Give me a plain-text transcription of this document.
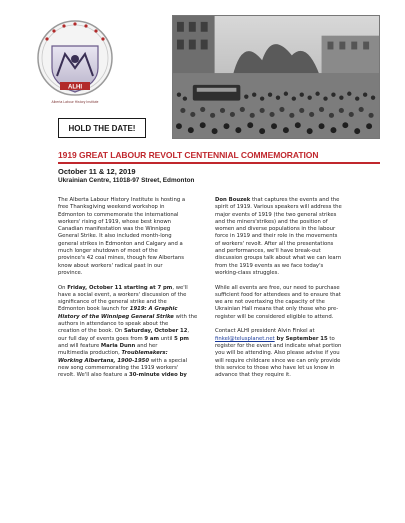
ALHI
Alberta Labour History Institute
HOLD THE DATE!
1919 GREAT LABOUR REVOLT CENTENNIAL COMMEMORATION
October 11 & 12, 2019
Ukrainian Centre, 11018-97 Street, Edmonton
The Alberta Labour History Institute is hosting a
free Thanksgiving weekend workshop in
Edmonton to commemorate the international
workers' rising of 1919, whose best known
Canadian manifestation was the Winnipeg
General Strike. It also included month-long
general strikes in Edmonton and Calgary and a
much longer shutdown of most of the
province's 42 coal mines, though few Albertans
know about workers' radical past in our
province.
On Friday, October 11 starting at 7 pm, we'll
have a social event, a workers' discussion of the
significance of the general strike and the
Edmonton book launch for 1919: A Graphic
History of the Winnipeg General Strike with the
authors in attendance to speak about the
creation of the book. On Saturday, October 12,
our full day of events goes from 9 am until 5 pm
and will feature Maria Dunn and her
multimedia production, Troublemakers:
Working Albertans, 1900-1950 with a special
new song commemorating the 1919 workers'
revolt. We'll also feature a 30-minute video by
Don Bouzek that captures the events and the
spirit of 1919. Various speakers will address the
major events of 1919 (the two general strikes
and the miners'strikes) and the position of
women and diverse populations in the labour
force in 1919 and their role in the movements
of workers' revolt. After all the presentations
and performances, we'll have break-out
discussion groups talk about what we can learn
from the 1919 events as we face today's
working-class struggles.
While all events are free, our need to purchase
sufficient food for attendees and to ensure that
we are not overtaxing the capacity of the
Ukrainian Hall means that only those who pre-
register will be considered eligible to attend.
Contact ALHI president Alvin Finkel at
finkel@telusplanet.net by September 15 to
register for the event and indicate what portion
you will be attending. Also please advise if you
will require childcare since we can only provide
this service to those who have let us know in
advance that they require it.
